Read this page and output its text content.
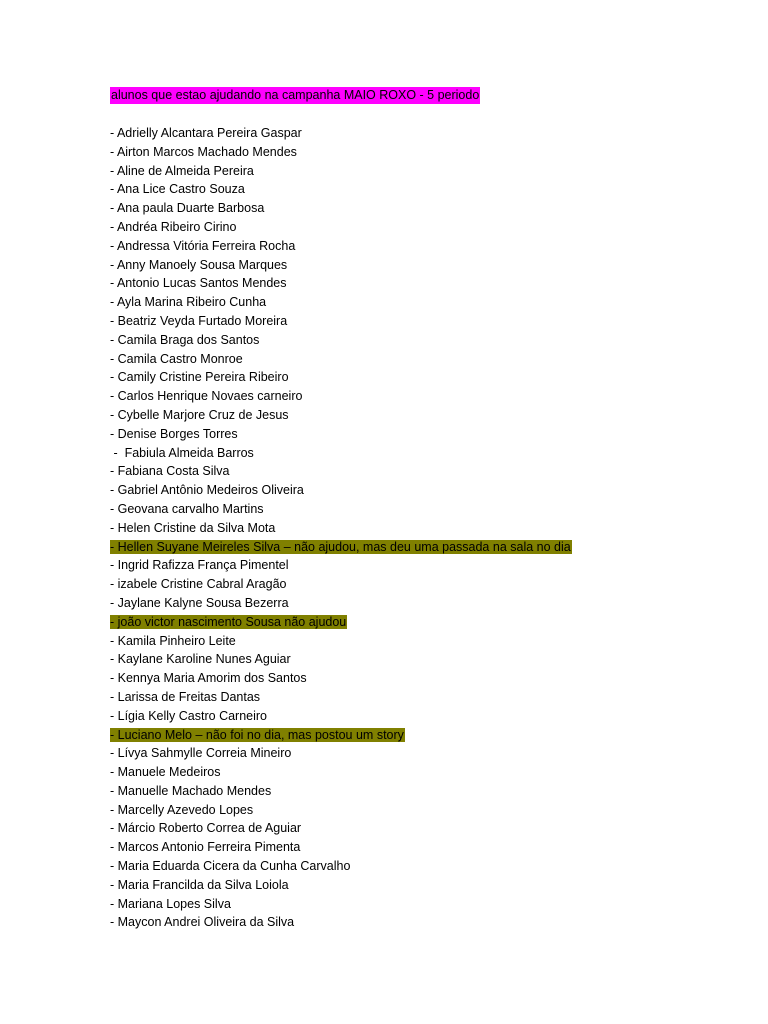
alunos que estao ajudando na campanha MAIO ROXO - 5 periodo
- Adrielly Alcantara Pereira Gaspar
- Airton Marcos Machado Mendes
- Aline de Almeida Pereira
- Ana Lice Castro Souza
- Ana paula Duarte Barbosa
- Andréa Ribeiro Cirino
- Andressa Vitória Ferreira Rocha
- Anny Manoely Sousa Marques
- Antonio Lucas Santos Mendes
- Ayla Marina Ribeiro Cunha
- Beatriz Veyda Furtado Moreira
- Camila Braga dos Santos
- Camila Castro Monroe
- Camily Cristine Pereira Ribeiro
- Carlos Henrique Novaes carneiro
- Cybelle Marjore Cruz de Jesus
- Denise Borges Torres
-  Fabiula Almeida Barros
- Fabiana Costa Silva
- Gabriel Antônio Medeiros Oliveira
- Geovana carvalho Martins
- Helen Cristine da Silva Mota
- Hellen Suyane Meireles Silva – não ajudou, mas deu uma passada na sala no dia
- Ingrid Rafizza França Pimentel
- izabele Cristine Cabral Aragão
- Jaylane Kalyne Sousa Bezerra
- joão victor nascimento Sousa não ajudou
- Kamila Pinheiro Leite
- Kaylane Karoline Nunes Aguiar
- Kennya Maria Amorim dos Santos
- Larissa de Freitas Dantas
- Lígia Kelly Castro Carneiro
- Luciano Melo – não foi no dia, mas postou um story
- Lívya Sahmylle Correia Mineiro
- Manuele Medeiros
- Manuelle Machado Mendes
- Marcelly Azevedo Lopes
- Márcio Roberto Correa de Aguiar
- Marcos Antonio Ferreira Pimenta
- Maria Eduarda Cicera da Cunha Carvalho
- Maria Francilda da Silva Loiola
- Mariana Lopes Silva
- Maycon Andrei Oliveira da Silva
